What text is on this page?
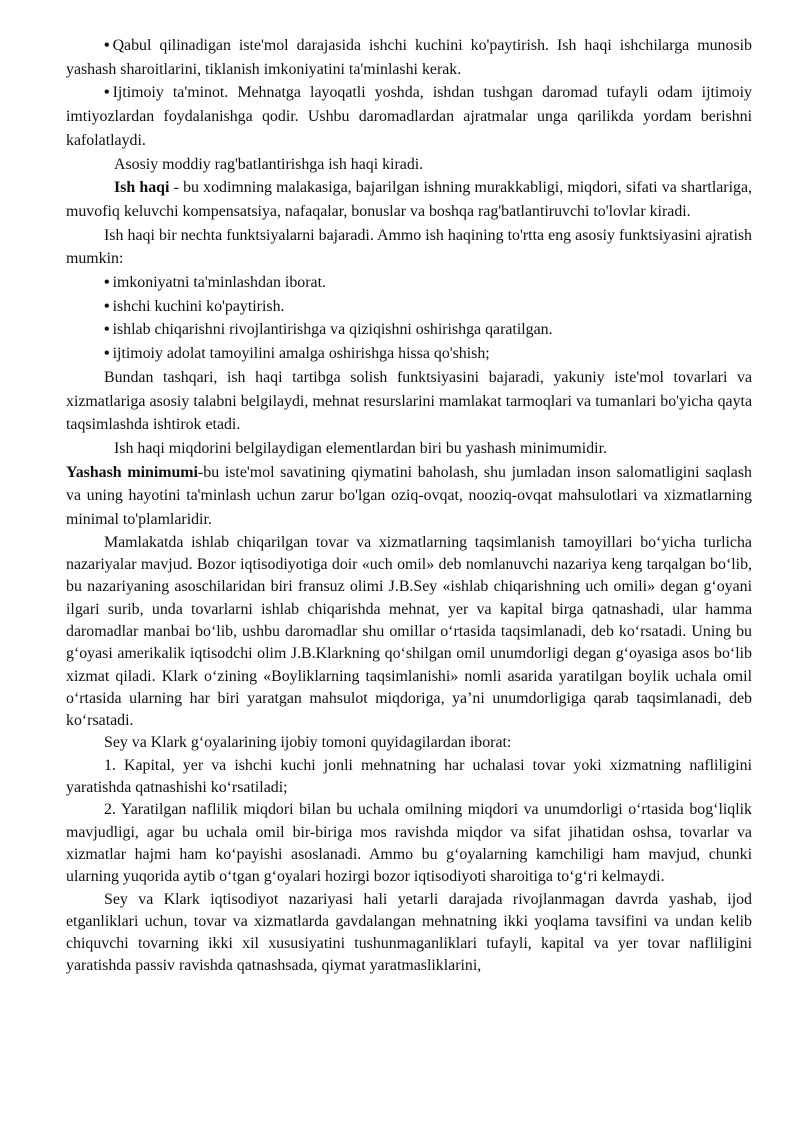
• Qabul qilinadigan iste'mol darajasida ishchi kuchini ko'paytirish. Ish haqi ishchilarga munosib yashash sharoitlarini, tiklanish imkoniyatini ta'minlashi kerak.

• Ijtimoiy ta'minot. Mehnatga layoqatli yoshda, ishdan tushgan daromad tufayli odam ijtimoiy imtiyozlardan foydalanishga qodir. Ushbu daromadlardan ajratmalar unga qarilikda yordam berishni kafolatlaydi.

Asosiy moddiy rag'batlantirishga ish haqi kiradi.

Ish haqi - bu xodimning malakasiga, bajarilgan ishning murakkabligi, miqdori, sifati va shartlariga, muvofiq keluvchi kompensatsiya, nafaqalar, bonuslar va boshqa rag'batlantiruvchi to'lovlar kiradi.

Ish haqi bir nechta funktsiyalarni bajaradi. Ammo ish haqining to'rtta eng asosiy funktsiyasini ajratish mumkin:

• imkoniyatni ta'minlashdan iborat.

• ishchi kuchini ko'paytirish.

• ishlab chiqarishni rivojlantirishga va qiziqishni oshirishga qaratilgan.

• ijtimoiy adolat tamoyilini amalga oshirishga hissa qo'shish;

Bundan tashqari, ish haqi tartibga solish funktsiyasini bajaradi, yakuniy iste'mol tovarlari va xizmatlariga asosiy talabni belgilaydi, mehnat resurslarini mamlakat tarmoqlari va tumanlari bo'yicha qayta taqsimlashda ishtirok etadi.

Ish haqi miqdorini belgilaydigan elementlardan biri bu yashash minimumidir.

Yashash minimumi-bu iste'mol savatining qiymatini baholash, shu jumladan inson salomatligini saqlash va uning hayotini ta'minlash uchun zarur bo'lgan oziq-ovqat, nooziq-ovqat mahsulotlari va xizmatlarning minimal to'plamlaridir.

Mamlakatda ishlab chiqarilgan tovar va xizmatlarning taqsimlanish tamoyillari bo‘yicha turlicha nazariyalar mavjud. Bozor iqtisodiyotiga doir «uch omil» deb nomlanuvchi nazariya keng tarqalgan bo‘lib, bu nazariyaning asoschilaridan biri fransuz olimi J.B.Sey «ishlab chiqarishning uch omili» degan g‘oyani ilgari surib, unda tovarlarni ishlab chiqarishda mehnat, yer va kapital birga qatnashadi, ular hamma daromadlar manbai bo‘lib, ushbu daromadlar shu omillar o‘rtasida taqsimlanadi, deb ko‘rsatadi. Uning bu g‘oyasi amerikalik iqtisodchi olim J.B.Klarkning qo‘shilgan omil unumdorligi degan g‘oyasiga asos bo‘lib xizmat qiladi. Klark o‘zining «Boyliklarning taqsimlanishi» nomli asarida yaratilgan boylik uchala omil o‘rtasida ularning har biri yaratgan mahsulot miqdoriga, ya’ni unumdorligiga qarab taqsimlanadi, deb ko‘rsatadi.

Sey va Klark g‘oyalarining ijobiy tomoni quyidagilardan iborat:

1. Kapital, yer va ishchi kuchi jonli mehnatning har uchalasi tovar yoki xizmatning nafliligini yaratishda qatnashishi ko‘rsatiladi;

2. Yaratilgan naflilik miqdori bilan bu uchala omilning miqdori va unumdorligi o‘rtasida bog‘liqlik mavjudligi, agar bu uchala omil bir-biriga mos ravishda miqdor va sifat jihatidan oshsa, tovarlar va xizmatlar hajmi ham ko‘payishi asoslanadi. Ammo bu g‘oyalarning kamchiligi ham mavjud, chunki ularning yuqorida aytib o‘tgan g‘oyalari hozirgi bozor iqtisodiyoti sharoitiga to‘g‘ri kelmaydi.

Sey va Klark iqtisodiyot nazariyasi hali yetarli darajada rivojlanmagan davrda yashab, ijod etganliklari uchun, tovar va xizmatlarda gavdalangan mehnatning ikki yoqlama tavsifini va undan kelib chiquvchi tovarning ikki xil xususiyatini tushunmaganliklari tufayli, kapital va yer tovar nafliligini yaratishda passiv ravishda qatnashsada, qiymat yaratmasliklarini,
